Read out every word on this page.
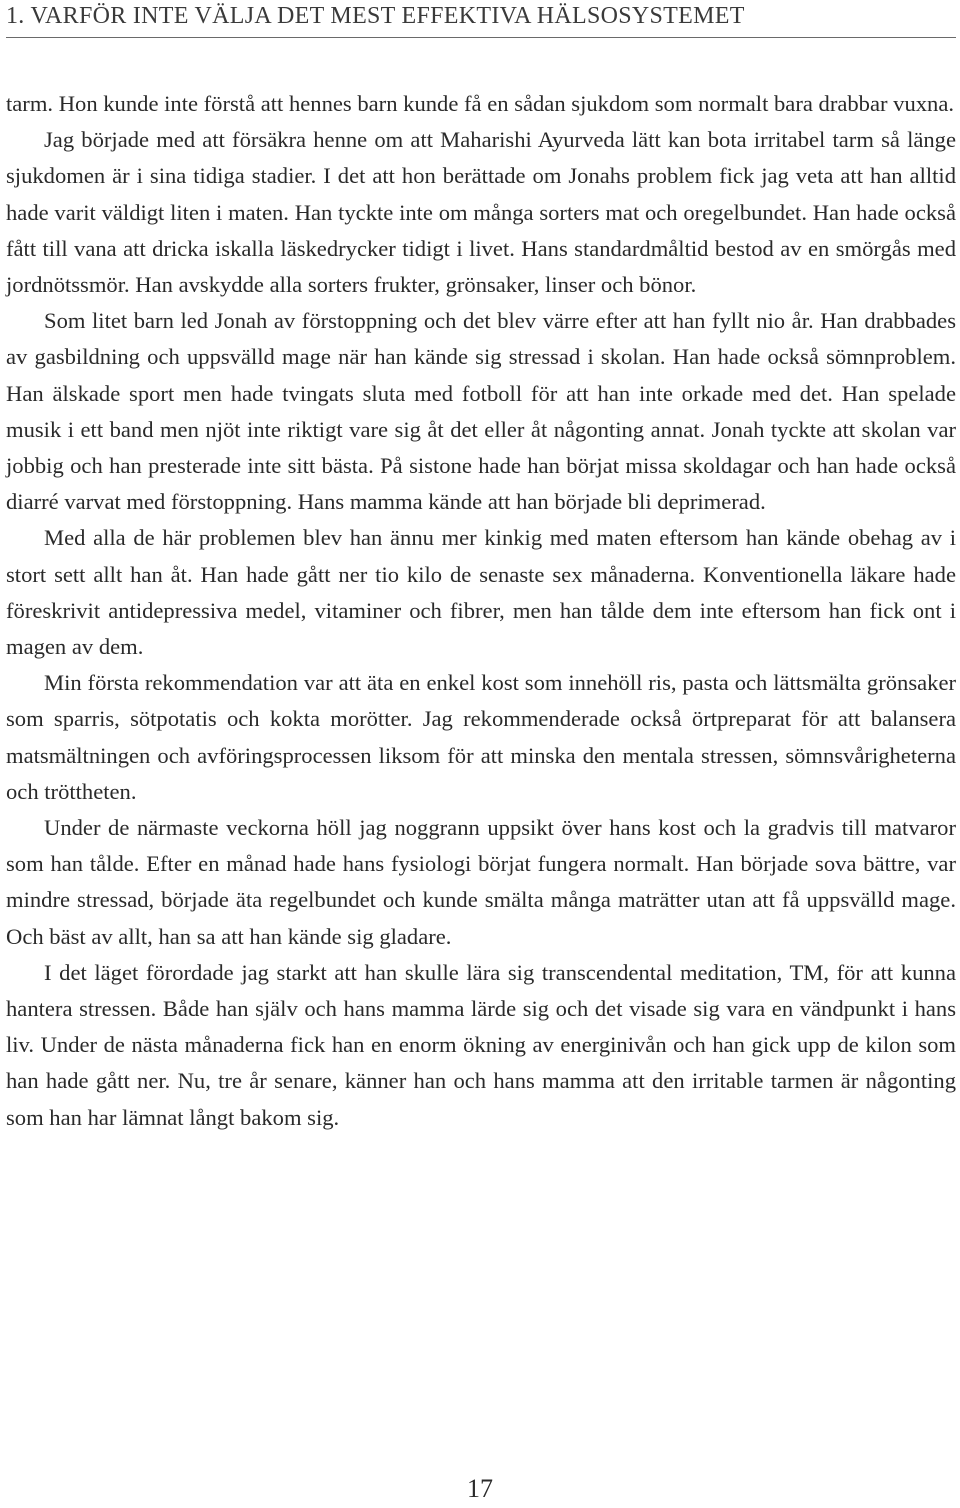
1. VARFÖR INTE VÄLJA DET MEST EFFEKTIVA HÄLSOSYSTEMET

tarm. Hon kunde inte förstå att hennes barn kunde få en sådan sjukdom som normalt bara drabbar vuxna.

Jag började med att försäkra henne om att Maharishi Ayurveda lätt kan bota irritabel tarm så länge sjukdomen är i sina tidiga stadier. I det att hon berättade om Jonahs problem fick jag veta att han alltid hade varit väldigt liten i maten. Han tyckte inte om många sorters mat och oregelbundet. Han hade också fått till vana att dricka iskalla läskedrycker tidigt i livet. Hans standardmåltid bestod av en smörgås med jordnötssmör. Han avskydde alla sorters frukter, grönsaker, linser och bönor.

Som litet barn led Jonah av förstoppning och det blev värre efter att han fyllt nio år. Han drabbades av gasbildning och uppsvälld mage när han kände sig stressad i skolan. Han hade också sömnproblem. Han älskade sport men hade tvingats sluta med fotboll för att han inte orkade med det. Han spelade musik i ett band men njöt inte riktigt vare sig åt det eller åt någonting annat. Jonah tyckte att skolan var jobbig och han presterade inte sitt bästa. På sistone hade han börjat missa skoldagar och han hade också diarré varvat med förstoppning. Hans mamma kände att han började bli deprimerad.

Med alla de här problemen blev han ännu mer kinkig med maten eftersom han kände obehag av i stort sett allt han åt. Han hade gått ner tio kilo de senaste sex månaderna. Konventionella läkare hade föreskrivit antidepressiva medel, vitaminer och fibrer, men han tålde dem inte eftersom han fick ont i magen av dem.

Min första rekommendation var att äta en enkel kost som innehöll ris, pasta och lättsmälta grönsaker som sparris, sötpotatis och kokta morötter. Jag rekommenderade också örtpreparat för att balansera matsmältningen och avföringsprocessen liksom för att minska den mentala stressen, sömnsvårigheterna och tröttheten.

Under de närmaste veckorna höll jag noggrann uppsikt över hans kost och la gradvis till matvaror som han tålde. Efter en månad hade hans fysiologi börjat fungera normalt. Han började sova bättre, var mindre stressad, började äta regelbundet och kunde smälta många maträtter utan att få uppsvälld mage. Och bäst av allt, han sa att han kände sig gladare.

I det läget förordade jag starkt att han skulle lära sig transcendental meditation, TM, för att kunna hantera stressen. Både han själv och hans mamma lärde sig och det visade sig vara en vändpunkt i hans liv. Under de nästa månaderna fick han en enorm ökning av energinivån och han gick upp de kilon som han hade gått ner. Nu, tre år senare, känner han och hans mamma att den irritable tarmen är någonting som han har lämnat långt bakom sig.

17
